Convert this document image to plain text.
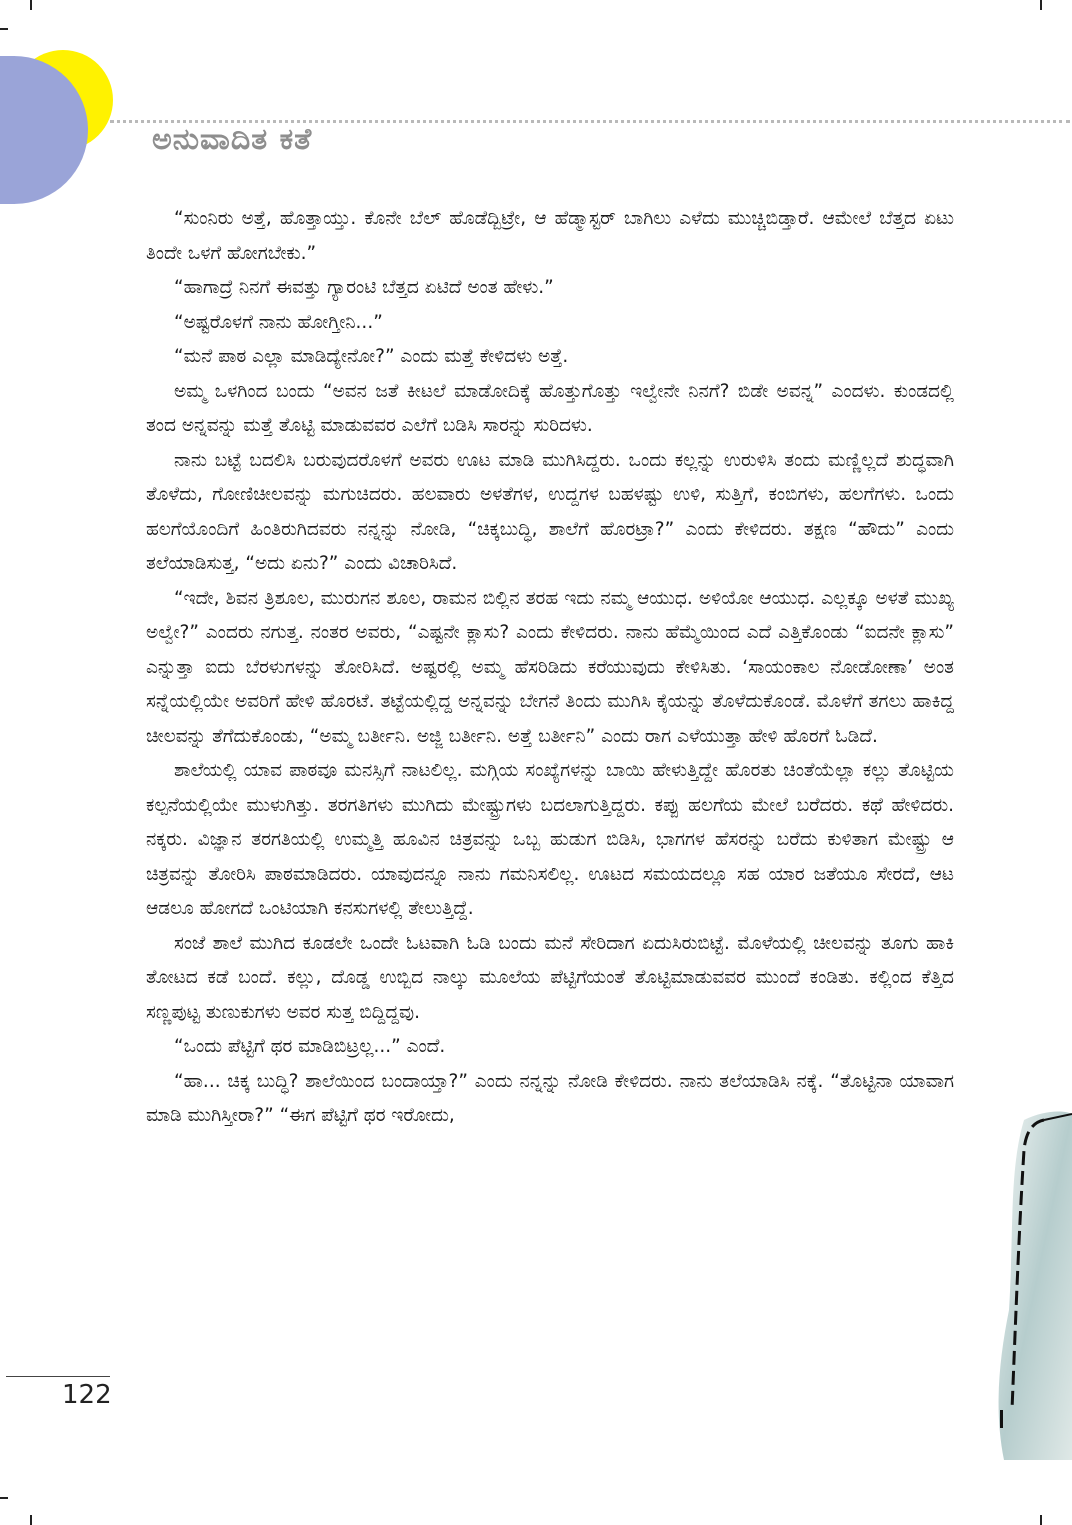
ಅನುವಾದಿತ ಕತೆ

“ಸುಂನಿರು ಅತ್ತೆ, ಹೊತ್ತಾಯ್ತು. ಕೊನೇ ಬೆಲ್ ಹೊಡೆದ್ಬಿಟ್ರೇ, ಆ ಹೆಡ್ಮಾಸ್ಟರ್ ಬಾಗಿಲು ಎಳೆದು ಮುಚ್ಚಿಬಿಡ್ತಾರೆ. ಆಮೇಲೆ ಬೆತ್ತದ ಏಟು ತಿಂದೇ ಒಳಗೆ ಹೋಗಬೇಕು.”

“ಹಾಗಾದ್ರೆ ನಿನಗೆ ಈವತ್ತು ಗ್ಯಾರಂಟಿ ಬೆತ್ತದ ಏಟಿದೆ ಅಂತ ಹೇಳು.”

“ಅಷ್ಟರೊಳಗೆ ನಾನು ಹೋಗ್ತೀನಿ...”

“ಮನೆ ಪಾಠ ಎಲ್ಲಾ ಮಾಡಿದ್ಯೇನೋ?” ಎಂದು ಮತ್ತೆ ಕೇಳಿದಳು ಅತ್ತೆ.

ಅಮ್ಮ ಒಳಗಿಂದ ಬಂದು “ಅವನ ಜತೆ ಕೀಟಲೆ ಮಾಡೋದಿಕ್ಕೆ ಹೊತ್ತುಗೊತ್ತು ಇಲ್ವೇನೇ ನಿನಗೆ? ಬಿಡೇ ಅವನ್ನ” ಎಂದಳು. ಕುಂಡದಲ್ಲಿ ತಂದ ಅನ್ನವನ್ನು ಮತ್ತೆ ತೊಟ್ಟಿ ಮಾಡುವವರ ಎಲೆಗೆ ಬಡಿಸಿ ಸಾರನ್ನು ಸುರಿದಳು.

ನಾನು ಬಟ್ಟೆ ಬದಲಿಸಿ ಬರುವುದರೊಳಗೆ ಅವರು ಊಟ ಮಾಡಿ ಮುಗಿಸಿದ್ದರು. ಒಂದು ಕಲ್ಲನ್ನು ಉರುಳಿಸಿ ತಂದು ಮಣ್ಣಿಲ್ಲದೆ ಶುದ್ಧವಾಗಿ ತೊಳೆದು, ಗೋಣಿಚೀಲವನ್ನು ಮಗುಚಿದರು. ಹಲವಾರು ಅಳತೆಗಳ, ಉದ್ದಗಳ ಬಹಳಷ್ಟು ಉಳಿ, ಸುತ್ತಿಗೆ, ಕಂಬಿಗಳು, ಹಲಗೆಗಳು. ಒಂದು ಹಲಗೆಯೊಂದಿಗೆ ಹಿಂತಿರುಗಿದವರು ನನ್ನನ್ನು ನೋಡಿ, “ಚಿಕ್ಕಬುದ್ಧಿ, ಶಾಲೆಗೆ ಹೊರಟ್ರಾ?” ಎಂದು ಕೇಳಿದರು. ತಕ್ಷಣ “ಹೌದು” ಎಂದು ತಲೆಯಾಡಿಸುತ್ತ, “ಅದು ಏನು?” ಎಂದು ವಿಚಾರಿಸಿದೆ.

“ಇದೇ, ಶಿವನ ತ್ರಿಶೂಲ, ಮುರುಗನ ಶೂಲ, ರಾಮನ ಬಿಲ್ಲಿನ ತರಹ ಇದು ನಮ್ಮ ಆಯುಧ. ಅಳಿಯೋ ಆಯುಧ. ಎಲ್ಲಕ್ಕೂ ಅಳತೆ ಮುಖ್ಯ ಅಲ್ವೇ?” ಎಂದರು ನಗುತ್ತ. ನಂತರ ಅವರು, “ಎಷ್ಟನೇ ಕ್ಲಾಸು? ಎಂದು ಕೇಳಿದರು. ನಾನು ಹೆಮ್ಮೆಯಿಂದ ಎದೆ ಎತ್ತಿಕೊಂಡು “ಐದನೇ ಕ್ಲಾಸು” ಎನ್ನುತ್ತಾ ಐದು ಬೆರಳುಗಳನ್ನು ತೋರಿಸಿದೆ. ಅಷ್ಟರಲ್ಲಿ ಅಮ್ಮ ಹೆಸರಿಡಿದು ಕರೆಯುವುದು ಕೇಳಿಸಿತು. ‘ಸಾಯಂಕಾಲ ನೋಡೋಣಾ’ ಅಂತ ಸನ್ನೆಯಲ್ಲಿಯೇ ಅವರಿಗೆ ಹೇಳಿ ಹೊರಟೆ. ತಟ್ಟೆಯಲ್ಲಿದ್ದ ಅನ್ನವನ್ನು ಬೇಗನೆ ತಿಂದು ಮುಗಿಸಿ ಕೈಯನ್ನು ತೊಳೆದುಕೊಂಡೆ. ಮೊಳೆಗೆ ತಗಲು ಹಾಕಿದ್ದ ಚೀಲವನ್ನು ತೆಗೆದುಕೊಂಡು, “ಅಮ್ಮ ಬರ್ತೀನಿ. ಅಜ್ಜಿ ಬರ್ತೀನಿ. ಅತ್ತೆ ಬರ್ತೀನಿ” ಎಂದು ರಾಗ ಎಳೆಯುತ್ತಾ ಹೇಳಿ ಹೊರಗೆ ಓಡಿದೆ.

ಶಾಲೆಯಲ್ಲಿ ಯಾವ ಪಾಠವೂ ಮನಸ್ಸಿಗೆ ನಾಟಲಿಲ್ಲ. ಮಗ್ಗಿಯ ಸಂಖ್ಯೆಗಳನ್ನು ಬಾಯಿ ಹೇಳುತ್ತಿದ್ದೇ ಹೊರತು ಚಿಂತೆಯೆಲ್ಲಾ ಕಲ್ಲು ತೊಟ್ಟಿಯ ಕಲ್ಪನೆಯಲ್ಲಿಯೇ ಮುಳುಗಿತ್ತು. ತರಗತಿಗಳು ಮುಗಿದು ಮೇಷ್ಟ್ರುಗಳು ಬದಲಾಗುತ್ತಿದ್ದರು. ಕಪ್ಪು ಹಲಗೆಯ ಮೇಲೆ ಬರೆದರು. ಕಥೆ ಹೇಳಿದರು. ನಕ್ಕರು. ವಿಜ್ಞಾನ ತರಗತಿಯಲ್ಲಿ ಉಮ್ಮತ್ತಿ ಹೂವಿನ ಚಿತ್ರವನ್ನು ಒಬ್ಬ ಹುಡುಗ ಬಿಡಿಸಿ, ಭಾಗಗಳ ಹೆಸರನ್ನು ಬರೆದು ಕುಳಿತಾಗ ಮೇಷ್ಟ್ರು ಆ ಚಿತ್ರವನ್ನು ತೋರಿಸಿ ಪಾಠಮಾಡಿದರು. ಯಾವುದನ್ನೂ ನಾನು ಗಮನಿಸಲಿಲ್ಲ. ಊಟದ ಸಮಯದಲ್ಲೂ ಸಹ ಯಾರ ಜತೆಯೂ ಸೇರದೆ, ಆಟ ಆಡಲೂ ಹೋಗದೆ ಒಂಟಿಯಾಗಿ ಕನಸುಗಳಲ್ಲಿ ತೇಲುತ್ತಿದ್ದೆ.

ಸಂಜೆ ಶಾಲೆ ಮುಗಿದ ಕೂಡಲೇ ಒಂದೇ ಓಟವಾಗಿ ಓಡಿ ಬಂದು ಮನೆ ಸೇರಿದಾಗ ಏದುಸಿರುಬಿಟ್ಟೆ. ಮೊಳೆಯಲ್ಲಿ ಚೀಲವನ್ನು ತೂಗು ಹಾಕಿ ತೋಟದ ಕಡೆ ಬಂದೆ. ಕಲ್ಲು, ದೊಡ್ಡ ಉಬ್ಬಿದ ನಾಲ್ಕು ಮೂಲೆಯ ಪೆಟ್ಟಿಗೆಯಂತೆ ತೊಟ್ಟಿಮಾಡುವವರ ಮುಂದೆ ಕಂಡಿತು. ಕಲ್ಲಿಂದ ಕೆತ್ತಿದ ಸಣ್ಣಪುಟ್ಟ ತುಣುಕುಗಳು ಅವರ ಸುತ್ತ ಬಿದ್ದಿದ್ದವು.

“ಒಂದು ಪೆಟ್ಟಿಗೆ ಥರ ಮಾಡಿಬಿಟ್ರಲ್ಲ...” ಎಂದೆ.

“ಹಾ... ಚಿಕ್ಕ ಬುದ್ಧಿ? ಶಾಲೆಯಿಂದ ಬಂದಾಯ್ತಾ?” ಎಂದು ನನ್ನನ್ನು ನೋಡಿ ಕೇಳಿದರು. ನಾನು ತಲೆಯಾಡಿಸಿ ನಕ್ಕೆ. “ತೊಟ್ಟಿನಾ ಯಾವಾಗ ಮಾಡಿ ಮುಗಿಸ್ತೀರಾ?” “ಈಗ ಪೆಟ್ಟಿಗೆ ಥರ ಇರೋದು,

122
